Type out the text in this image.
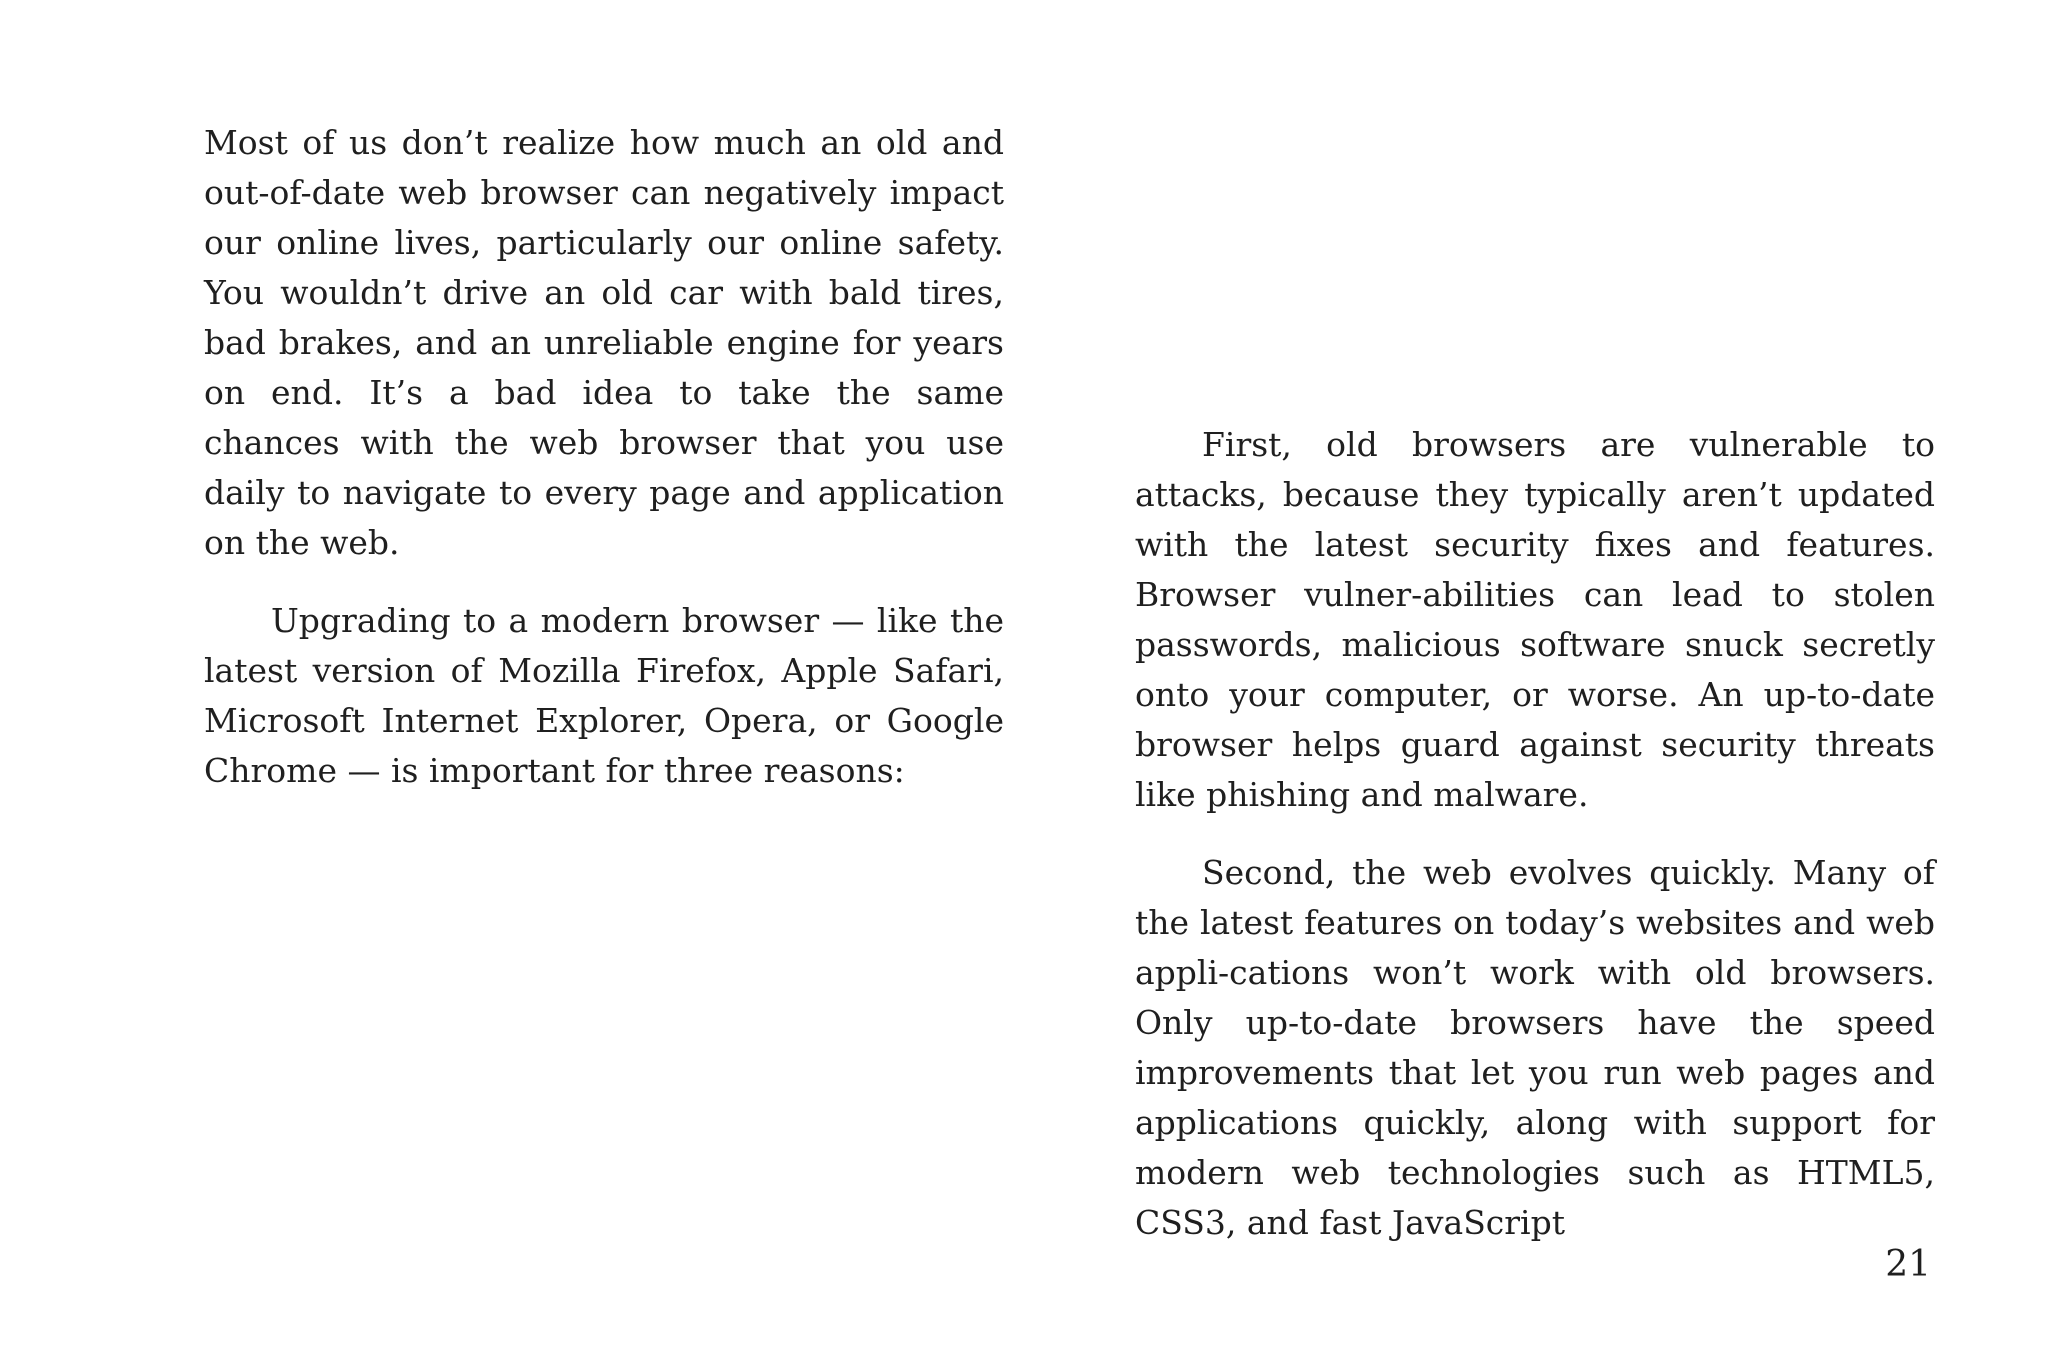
Most of us don’t realize how much an old and out-of-date web browser can negatively impact our online lives, particularly our online safety. You wouldn’t drive an old car with bald tires, bad brakes, and an unreliable engine for years on end. It’s a bad idea to take the same chances with the web browser that you use daily to navigate to every page and application on the web.

Upgrading to a modern browser — like the latest version of Mozilla Firefox, Apple Safari, Microsoft Internet Explorer, Opera, or Google Chrome — is important for three reasons:

First, old browsers are vulnerable to attacks, because they typically aren’t updated with the latest security fixes and features. Browser vulner-abilities can lead to stolen passwords, malicious software snuck secretly onto your computer, or worse. An up-to-date browser helps guard against security threats like phishing and malware.

Second, the web evolves quickly. Many of the latest features on today’s websites and web appli-cations won’t work with old browsers. Only up-to-date browsers have the speed improvements that let you run web pages and applications quickly, along with support for modern web technologies such as HTML5, CSS3, and fast JavaScript

21
